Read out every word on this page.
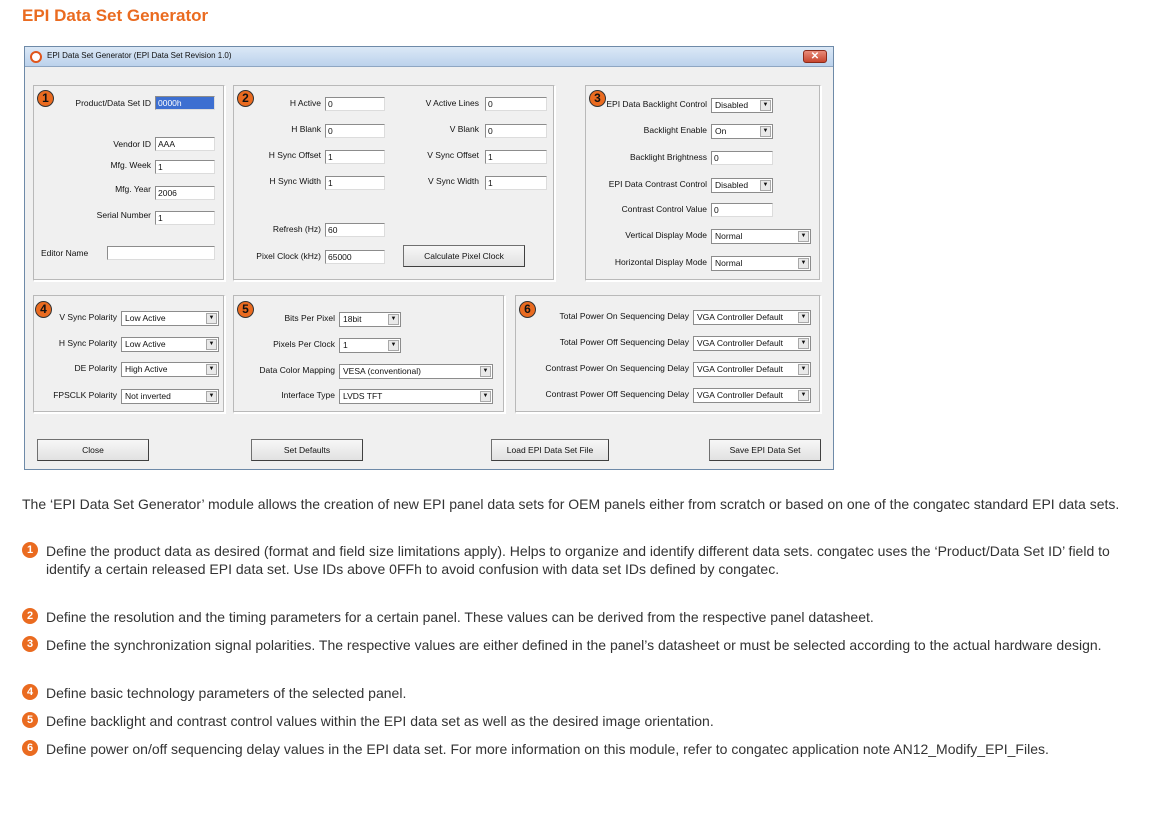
EPI Data Set Generator
EPI Data Set Generator (EPI Data Set Revision 1.0)	✕
1	Product/Data Set ID 0000h
Vendor ID AAA
Mfg. Week 1
Mfg. Year 2006
Serial Number 1
Editor Name
2	H Active 0
H Blank 0
H Sync Offset 1
H Sync Width 1
V Active Lines	0
V Blank	0
V Sync Offset	1
V Sync Width	1
Refresh (Hz) 60
Pixel Clock (kHz) 65000	Calculate Pixel Clock
3 EPI Data Backlight Control Disabled	▼
Backlight Enable On	▼
Backlight Brightness 0
EPI Data Contrast Control Disabled	▼
Contrast Control Value 0
Vertical Display Mode Normal	▼
Horizontal Display Mode Normal	▼
4
V Sync Polarity Low Active	▼
H Sync Polarity Low Active	▼
DE Polarity High Active	▼
FPSCLK Polarity Not inverted	▼
5
Bits Per Pixel 18bit	▼
Pixels Per Clock 1	▼
Data Color Mapping VESA (conventional)	▼
Interface Type LVDS TFT	▼
6	Total Power On Sequencing Delay VGA Controller Default	▼
Total Power Off Sequencing Delay VGA Controller Default	▼
Contrast Power On Sequencing Delay VGA Controller Default	▼
Contrast Power Off Sequencing Delay VGA Controller Default	▼
Close	Set Defaults	Load EPI Data Set File	Save EPI Data Set

The ‘EPI Data Set Generator’ module allows the creation of new EPI panel data sets for OEM panels either from scratch or based on one of the congatec standard EPI data sets.

1 Define the product data as desired (format and field size limitations apply). Helps to organize and identify different data sets. congatec uses the ‘Product/Data Set ID’ field to identify a certain released EPI data set. Use IDs above 0FFh to avoid confusion with data set IDs defined by congatec.
2 Define the resolution and the timing parameters for a certain panel. These values can be derived from the respective panel datasheet.
3 Define the synchronization signal polarities. The respective values are either defined in the panel’s datasheet or must be selected according to the actual hardware design.
4 Define basic technology parameters of the selected panel.
5 Define backlight and contrast control values within the EPI data set as well as the desired image orientation.
6 Define power on/off sequencing delay values in the EPI data set. For more information on this module, refer to congatec application note AN12_Modify_EPI_Files.
